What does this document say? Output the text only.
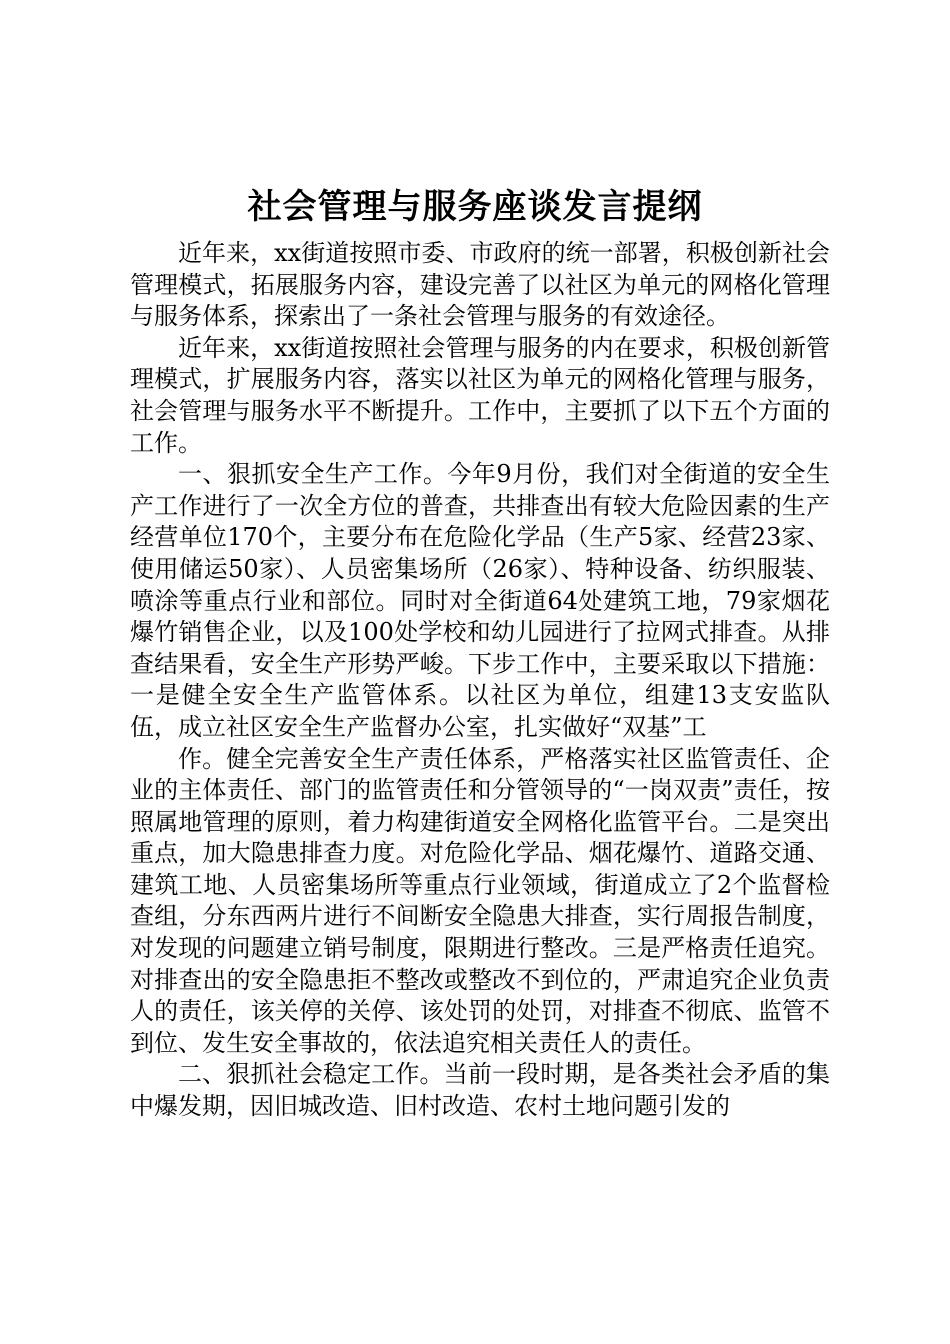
社会管理与服务座谈发言提纲

近年来，xx街道按照市委、市政府的统一部署，积极创新社会管理模式，拓展服务内容，建设完善了以社区为单元的网格化管理与服务体系，探索出了一条社会管理与服务的有效途径。

近年来，xx街道按照社会管理与服务的内在要求，积极创新管理模式，扩展服务内容，落实以社区为单元的网格化管理与服务，社会管理与服务水平不断提升。工作中，主要抓了以下五个方面的工作。

一、狠抓安全生产工作。今年9月份，我们对全街道的安全生产工作进行了一次全方位的普查，共排查出有较大危险因素的生产经营单位170个，主要分布在危险化学品（生产5家、经营23家、使用储运50家）、人员密集场所（26家）、特种设备、纺织服装、喷涂等重点行业和部位。同时对全街道64处建筑工地，79家烟花爆竹销售企业，以及100处学校和幼儿园进行了拉网式排查。从排查结果看，安全生产形势严峻。下步工作中，主要采取以下措施：一是健全安全生产监管体系。以社区为单位，组建13支安监队伍，成立社区安全生产监督办公室，扎实做好“双基”工

作。健全完善安全生产责任体系，严格落实社区监管责任、企业的主体责任、部门的监管责任和分管领导的“一岗双责”责任，按照属地管理的原则，着力构建街道安全网格化监管平台。二是突出重点，加大隐患排查力度。对危险化学品、烟花爆竹、道路交通、建筑工地、人员密集场所等重点行业领域，街道成立了2个监督检查组，分东西两片进行不间断安全隐患大排查，实行周报告制度，对发现的问题建立销号制度，限期进行整改。三是严格责任追究。对排查出的安全隐患拒不整改或整改不到位的，严肃追究企业负责人的责任，该关停的关停、该处罚的处罚，对排查不彻底、监管不到位、发生安全事故的，依法追究相关责任人的责任。

二、狠抓社会稳定工作。当前一段时期，是各类社会矛盾的集中爆发期，因旧城改造、旧村改造、农村土地问题引发的
